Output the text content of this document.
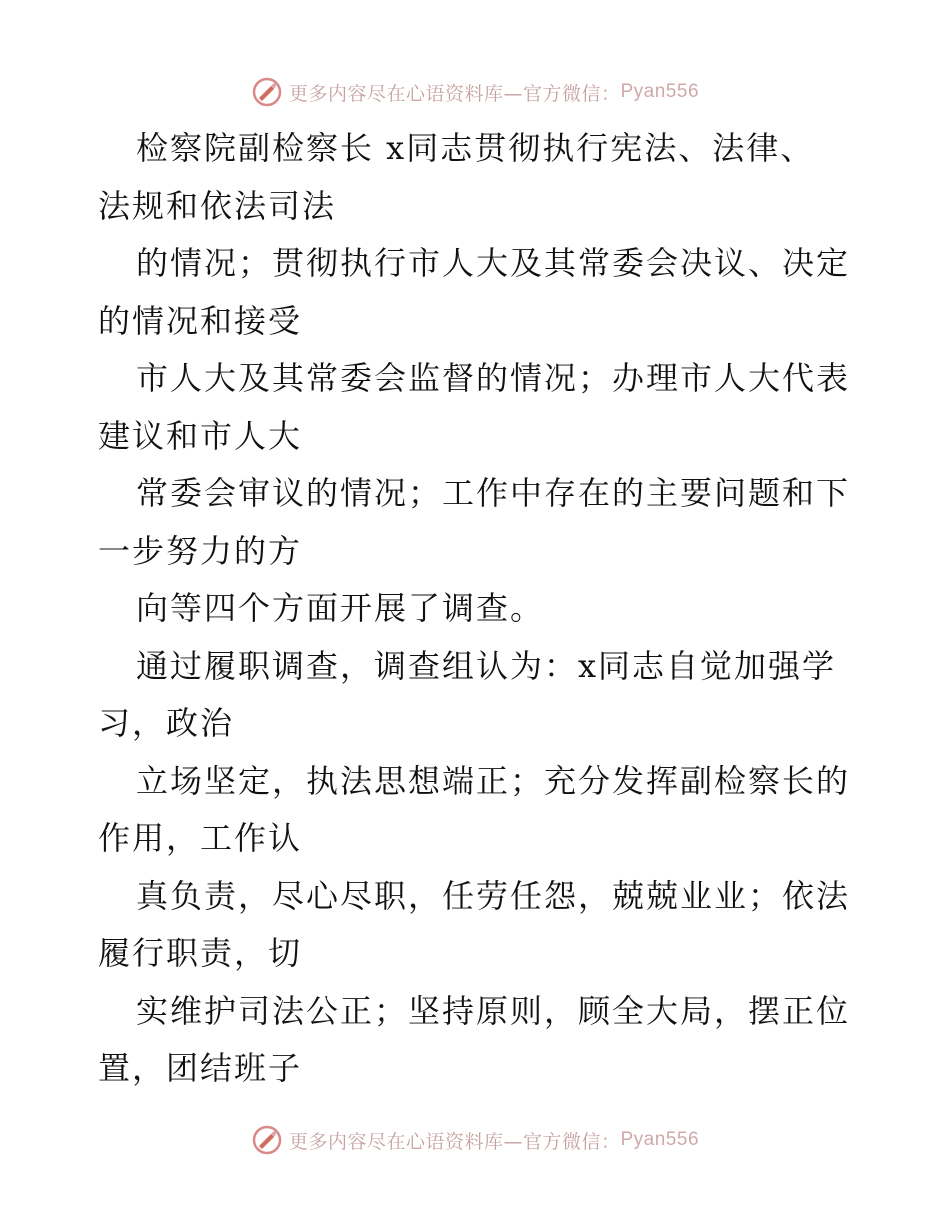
更多内容尽在心语资料库—官方微信： Pyan556
检察院副检察长 x同志贯彻执行宪法、法律、
法规和依法司法
的情况；贯彻执行市人大及其常委会决议、决定
的情况和接受
市人大及其常委会监督的情况；办理市人大代表
建议和市人大
常委会审议的情况；工作中存在的主要问题和下
一步努力的方
向等四个方面开展了调查。
通过履职调查，调查组认为：x同志自觉加强学
习，政治
立场坚定，执法思想端正；充分发挥副检察长的
作用，工作认
真负责，尽心尽职，任劳任怨，兢兢业业；依法
履行职责，切
实维护司法公正；坚持原则，顾全大局，摆正位
置，团结班子
更多内容尽在心语资料库—官方微信： Pyan556
